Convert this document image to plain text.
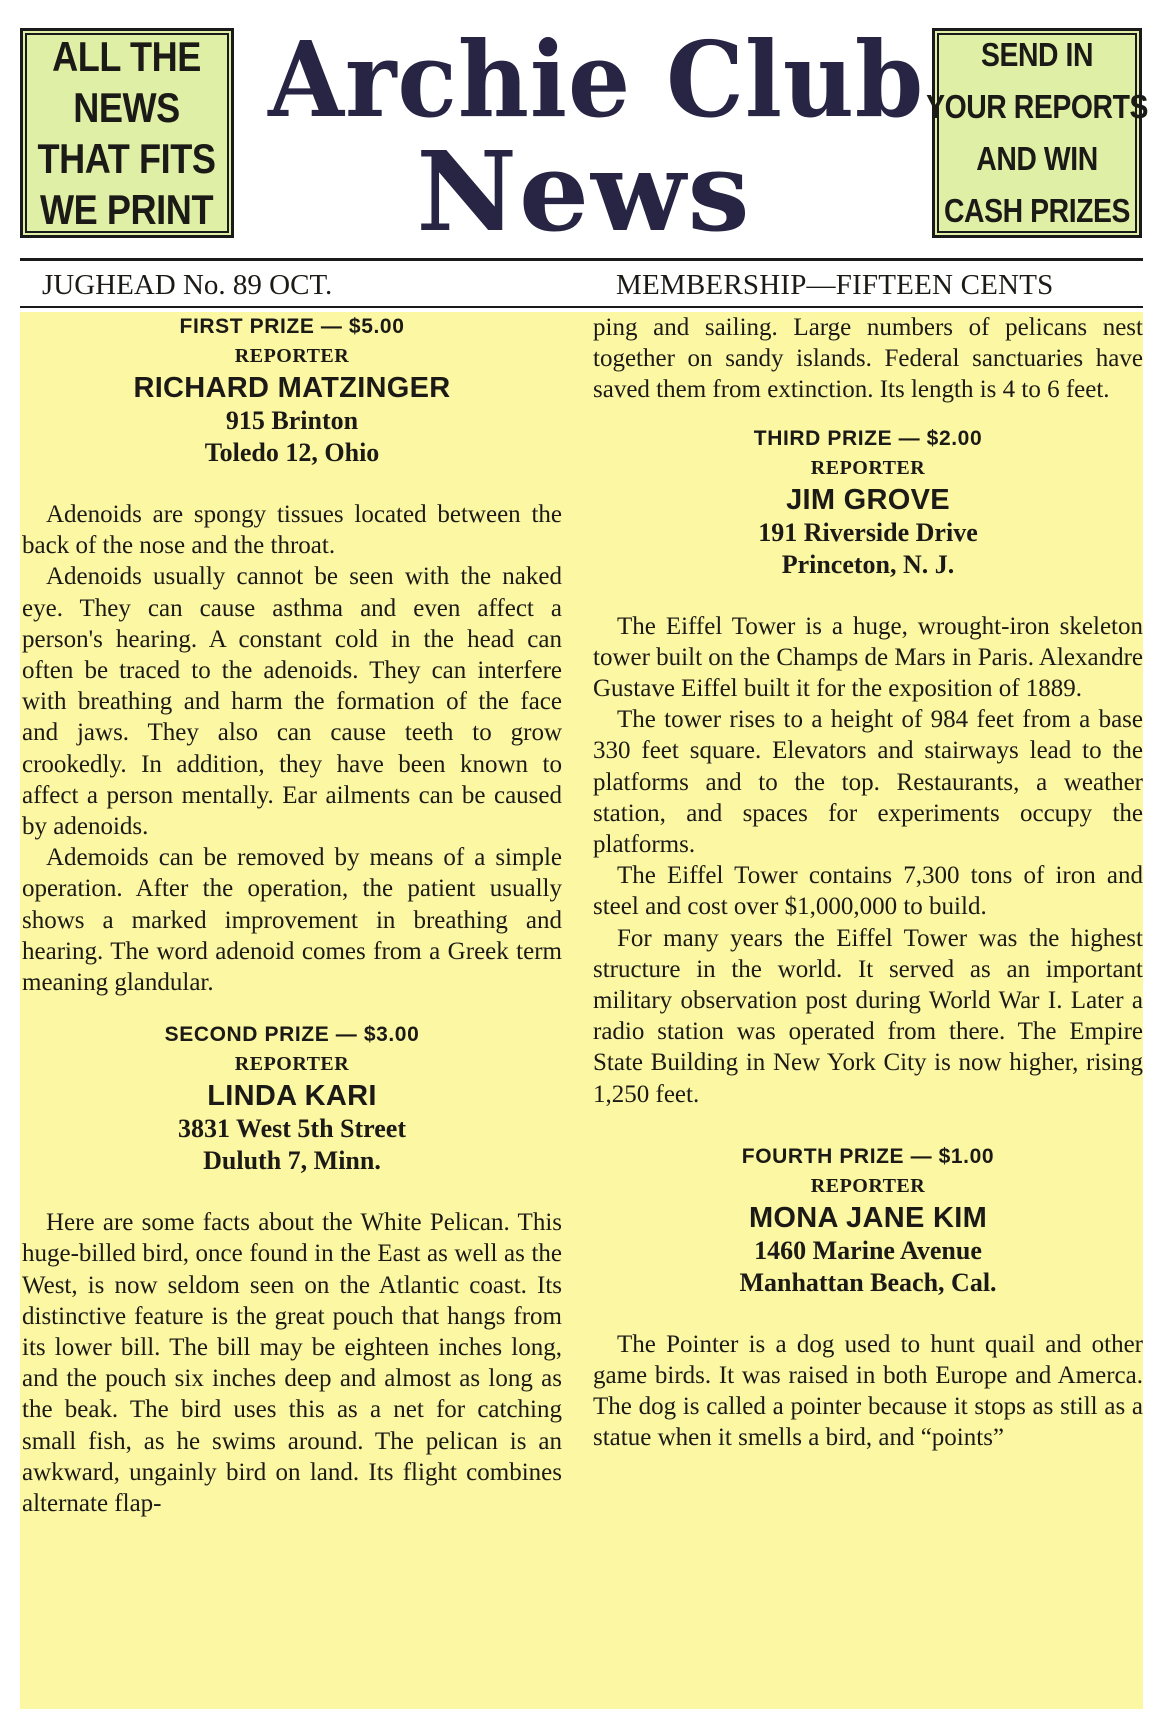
ALL THE
NEWS
THAT FITS
WE PRINT
Archie Club
News
SEND IN
YOUR REPORTS
AND WIN
CASH PRIZES
JUGHEAD No. 89 OCT.	MEMBERSHIP—FIFTEEN CENTS
FIRST PRIZE — $5.00
REPORTER
RICHARD MATZINGER
915 Brinton
Toledo 12, Ohio

Adenoids are spongy tissues located between the back of the nose and the throat.

Adenoids usually cannot be seen with the naked eye. They can cause asthma and even affect a person's hearing. A constant cold in the head can often be traced to the adenoids. They can interfere with breathing and harm the formation of the face and jaws. They also can cause teeth to grow crookedly. In addition, they have been known to affect a person mentally. Ear ailments can be caused by adenoids.

Ademoids can be removed by means of a simple operation. After the operation, the patient usually shows a marked improvement in breathing and hearing. The word adenoid comes from a Greek term meaning glandular.

SECOND PRIZE — $3.00
REPORTER
LINDA KARI
3831 West 5th Street
Duluth 7, Minn.

Here are some facts about the White Pelican. This huge-billed bird, once found in the East as well as the West, is now seldom seen on the Atlantic coast. Its distinctive feature is the great pouch that hangs from its lower bill. The bill may be eighteen inches long, and the pouch six inches deep and almost as long as the beak. The bird uses this as a net for catching small fish, as he swims around. The pelican is an awkward, ungainly bird on land. Its flight combines alternate flap-

ping and sailing. Large numbers of pelicans nest together on sandy islands. Federal sanctuaries have saved them from extinction. Its length is 4 to 6 feet.

THIRD PRIZE — $2.00
REPORTER
JIM GROVE
191 Riverside Drive
Princeton, N. J.

The Eiffel Tower is a huge, wrought-iron skeleton tower built on the Champs de Mars in Paris. Alexandre Gustave Eiffel built it for the exposition of 1889.

The tower rises to a height of 984 feet from a base 330 feet square. Elevators and stairways lead to the platforms and to the top. Restaurants, a weather station, and spaces for experiments occupy the platforms.

The Eiffel Tower contains 7,300 tons of iron and steel and cost over $1,000,000 to build.

For many years the Eiffel Tower was the highest structure in the world. It served as an important military observation post during World War I. Later a radio station was operated from there. The Empire State Building in New York City is now higher, rising 1,250 feet.

FOURTH PRIZE — $1.00
REPORTER
MONA JANE KIM
1460 Marine Avenue
Manhattan Beach, Cal.

The Pointer is a dog used to hunt quail and other game birds. It was raised in both Europe and Amerca. The dog is called a pointer because it stops as still as a statue when it smells a bird, and “points”
